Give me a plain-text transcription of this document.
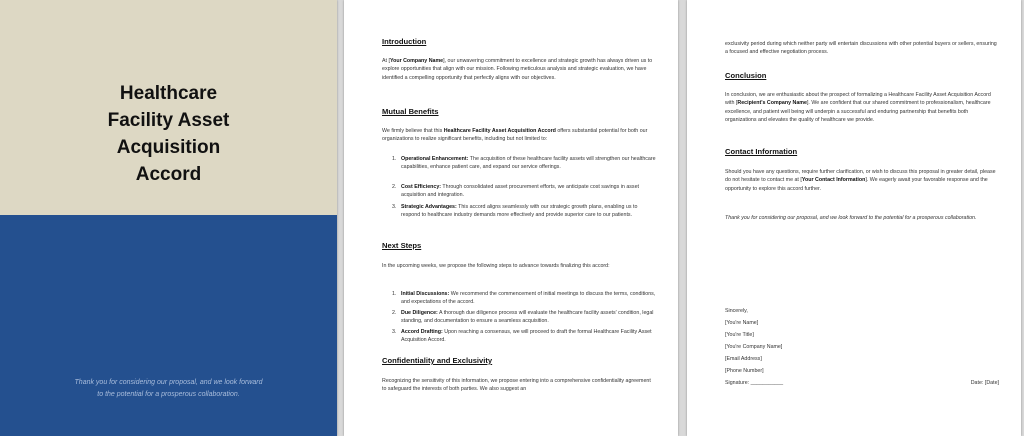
Healthcare
Facility Asset
Acquisition
Accord
Thank you for considering our proposal, and we look forward
to the potential for a prosperous collaboration.
Introduction
At [Your Company Name], our unwavering commitment to excellence and strategic growth has always driven us to explore opportunities that align with our mission. Following meticulous analysis and strategic evaluation, we have identified a compelling opportunity that perfectly aligns with our objectives.
Mutual Benefits
We firmly believe that this Healthcare Facility Asset Acquisition Accord offers substantial potential for both our organizations to realize significant benefits, including but not limited to:
1. Operational Enhancement: The acquisition of these healthcare facility assets will strengthen our healthcare capabilities, enhance patient care, and expand our service offerings.
2. Cost Efficiency: Through consolidated asset procurement efforts, we anticipate cost savings in asset acquisition and integration.
3. Strategic Advantages: This accord aligns seamlessly with our strategic growth plans, enabling us to respond to healthcare industry demands more effectively and provide superior care to our patients.
Next Steps
In the upcoming weeks, we propose the following steps to advance towards finalizing this accord:
1. Initial Discussions: We recommend the commencement of initial meetings to discuss the terms, conditions, and expectations of the accord.
2. Due Diligence: A thorough due diligence process will evaluate the healthcare facility assets' condition, legal standing, and documentation to ensure a seamless acquisition.
3. Accord Drafting: Upon reaching a consensus, we will proceed to draft the formal Healthcare Facility Asset Acquisition Accord.
Confidentiality and Exclusivity
Recognizing the sensitivity of this information, we propose entering into a comprehensive confidentiality agreement to safeguard the interests of both parties. We also suggest an
exclusivity period during which neither party will entertain discussions with other potential buyers or sellers, ensuring a focused and effective negotiation process.
Conclusion
In conclusion, we are enthusiastic about the prospect of formalizing a Healthcare Facility Asset Acquisition Accord with [Recipient's Company Name]. We are confident that our shared commitment to professionalism, healthcare excellence, and patient well being will underpin a successful and enduring partnership that benefits both organizations and elevates the quality of healthcare we provide.
Contact Information
Should you have any questions, require further clarification, or wish to discuss this proposal in greater detail, please do not hesitate to contact me at [Your Contact Information]. We eagerly await your favorable response and the opportunity to explore this accord further.
Thank you for considering our proposal, and we look forward to the potential for a prosperous collaboration.
Sincerely,
[You're Name]
[You're Title]
[You're Company Name]
[Email Address]
[Phone Number]
Signature: ___________	Date: [Date]
